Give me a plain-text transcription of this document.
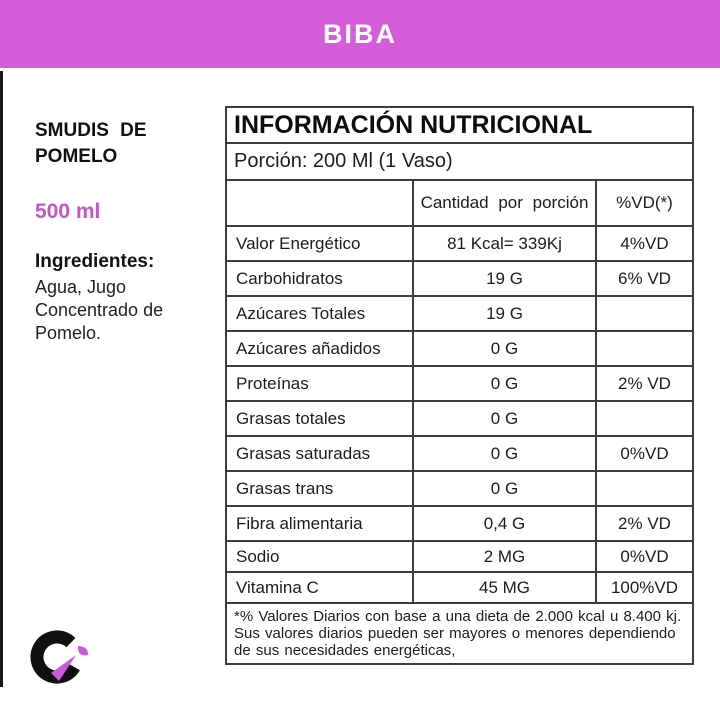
BIBA
SMUDIS DE
POMELO
500 ml
Ingredientes:
Agua, Jugo Concentrado de Pomelo.
INFORMACIÓN NUTRICIONAL		
Porción: 200 Ml (1 Vaso)		
	Cantidad por porción	%VD(*)
Valor Energético	81 Kcal= 339Kj	4%VD
Carbohidratos	19 G	6% VD
Azúcares Totales	19 G	
Azúcares añadidos	0 G	
Proteínas	0 G	2% VD
Grasas totales	0 G	
Grasas saturadas	0 G	0%VD
Grasas trans	0 G	
Fibra alimentaria	0,4 G	2% VD
Sodio	2 MG	0%VD
Vitamina C	45 MG	100%VD
*% Valores Diarios con base a una dieta de 2.000 kcal u 8.400 kj. Sus valores diarios pueden ser mayores o menores dependiendo de sus necesidades energéticas,		
